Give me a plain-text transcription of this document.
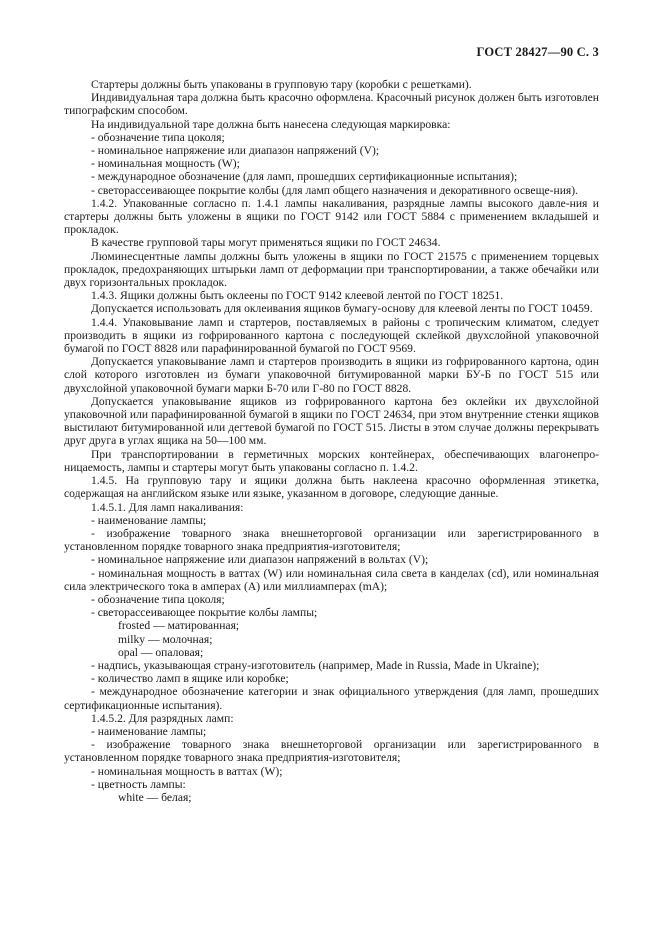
ГОСТ 28427—90 С. 3

Стартеры должны быть упакованы в групповую тару (коробки с решетками).

Индивидуальная тара должна быть красочно оформлена. Красочный рисунок должен быть изготовлен типографским способом.

На индивидуальной таре должна быть нанесена следующая маркировка:

- обозначение типа цоколя;

- номинальное напряжение или диапазон напряжений (V);

- номинальная мощность (W);

- международное обозначение (для ламп, прошедших сертификационные испытания);

- светорассеивающее покрытие колбы (для ламп общего назначения и декоративного освеще-ния).

1.4.2. Упакованные согласно п. 1.4.1 лампы накаливания, разрядные лампы высокого давле-ния и стартеры должны быть уложены в ящики по ГОСТ 9142 или ГОСТ 5884 с применением вкладышей и прокладок.

В качестве групповой тары могут применяться ящики по ГОСТ 24634.

Люминесцентные лампы должны быть уложены в ящики по ГОСТ 21575 с применением торцевых прокладок, предохраняющих штырьки ламп от деформации при транспортировании, а также обечайки или двух горизонтальных прокладок.

1.4.3. Ящики должны быть оклеены по ГОСТ 9142 клеевой лентой по ГОСТ 18251.

Допускается использовать для оклеивания ящиков бумагу-основу для клеевой ленты по ГОСТ 10459.

1.4.4. Упаковывание ламп и стартеров, поставляемых в районы с тропическим климатом, следует производить в ящики из гофрированного картона с последующей склейкой двухслойной упаковочной бумагой по ГОСТ 8828 или парафинированной бумагой по ГОСТ 9569.

Допускается упаковывание ламп и стартеров производить в ящики из гофрированного картона, один слой которого изготовлен из бумаги упаковочной битумированной марки БУ-Б по ГОСТ 515 или двухслойной упаковочной бумаги марки Б-70 или Г-80 по ГОСТ 8828.

Допускается упаковывание ящиков из гофрированного картона без оклейки их двухслойной упаковочной или парафинированной бумагой в ящики по ГОСТ 24634, при этом внутренние стенки ящиков выстилают битумированной или дегтевой бумагой по ГОСТ 515. Листы в этом случае должны перекрывать друг друга в углах ящика на 50—100 мм.

При транспортировании в герметичных морских контейнерах, обеспечивающих влагонепро-ницаемость, лампы и стартеры могут быть упакованы согласно п. 1.4.2.

1.4.5. На групповую тару и ящики должна быть наклеена красочно оформленная этикетка, содержащая на английском языке или языке, указанном в договоре, следующие данные.

1.4.5.1. Для ламп накаливания:

- наименование лампы;

- изображение товарного знака внешнеторговой организации или зарегистрированного в установленном порядке товарного знака предприятия-изготовителя;

- номинальное напряжение или диапазон напряжений в вольтах (V);

- номинальная мощность в ваттах (W) или номинальная сила света в канделах (cd), или номинальная сила электрического тока в амперах (А) или миллиамперах (mA);

- обозначение типа цоколя;

- светорассеивающее покрытие колбы лампы;

frosted — матированная;

milky — молочная;

opal — опаловая;

- надпись, указывающая страну-изготовитель (например, Made in Russia, Made in Ukraine);

- количество ламп в ящике или коробке;

- международное обозначение категории и знак официального утверждения (для ламп, прошедших сертификационные испытания).

1.4.5.2. Для разрядных ламп:

- наименование лампы;

- изображение товарного знака внешнеторговой организации или зарегистрированного в установленном порядке товарного знака предприятия-изготовителя;

- номинальная мощность в ваттах (W);

- цветность лампы:

white — белая;
